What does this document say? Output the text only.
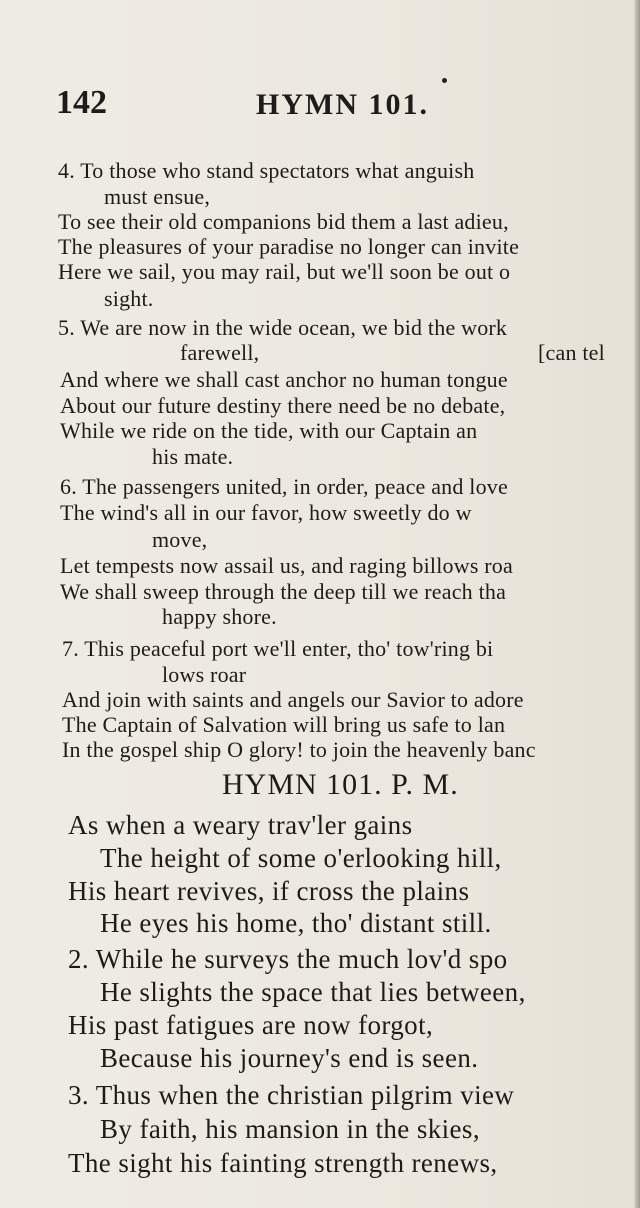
142	HYMN 101.
4. To those who stand spectators what anguish
must ensue,
To see their old companions bid them a last adieu,
The pleasures of your paradise no longer can invite
Here we sail, you may rail, but we'll soon be out o
sight.
5. We are now in the wide ocean, we bid the work
farewell,	[can tel
And where we shall cast anchor no human tongue
About our future destiny there need be no debate,
While we ride on the tide, with our Captain an
his mate.
6. The passengers united, in order, peace and love
The wind's all in our favor, how sweetly do w
move,
Let tempests now assail us, and raging billows roa
We shall sweep through the deep till we reach tha
happy shore.
7. This peaceful port we'll enter, tho' tow'ring bi
lows roar
And join with saints and angels our Savior to adore
The Captain of Salvation will bring us safe to lan
In the gospel ship O glory! to join the heavenly banc
HYMN 101. P. M.
As when a weary trav'ler gains
The height of some o'erlooking hill,
His heart revives, if cross the plains
He eyes his home, tho' distant still.
2. While he surveys the much lov'd spo
He slights the space that lies between,
His past fatigues are now forgot,
Because his journey's end is seen.
3. Thus when the christian pilgrim view
By faith, his mansion in the skies,
The sight his fainting strength renews,
